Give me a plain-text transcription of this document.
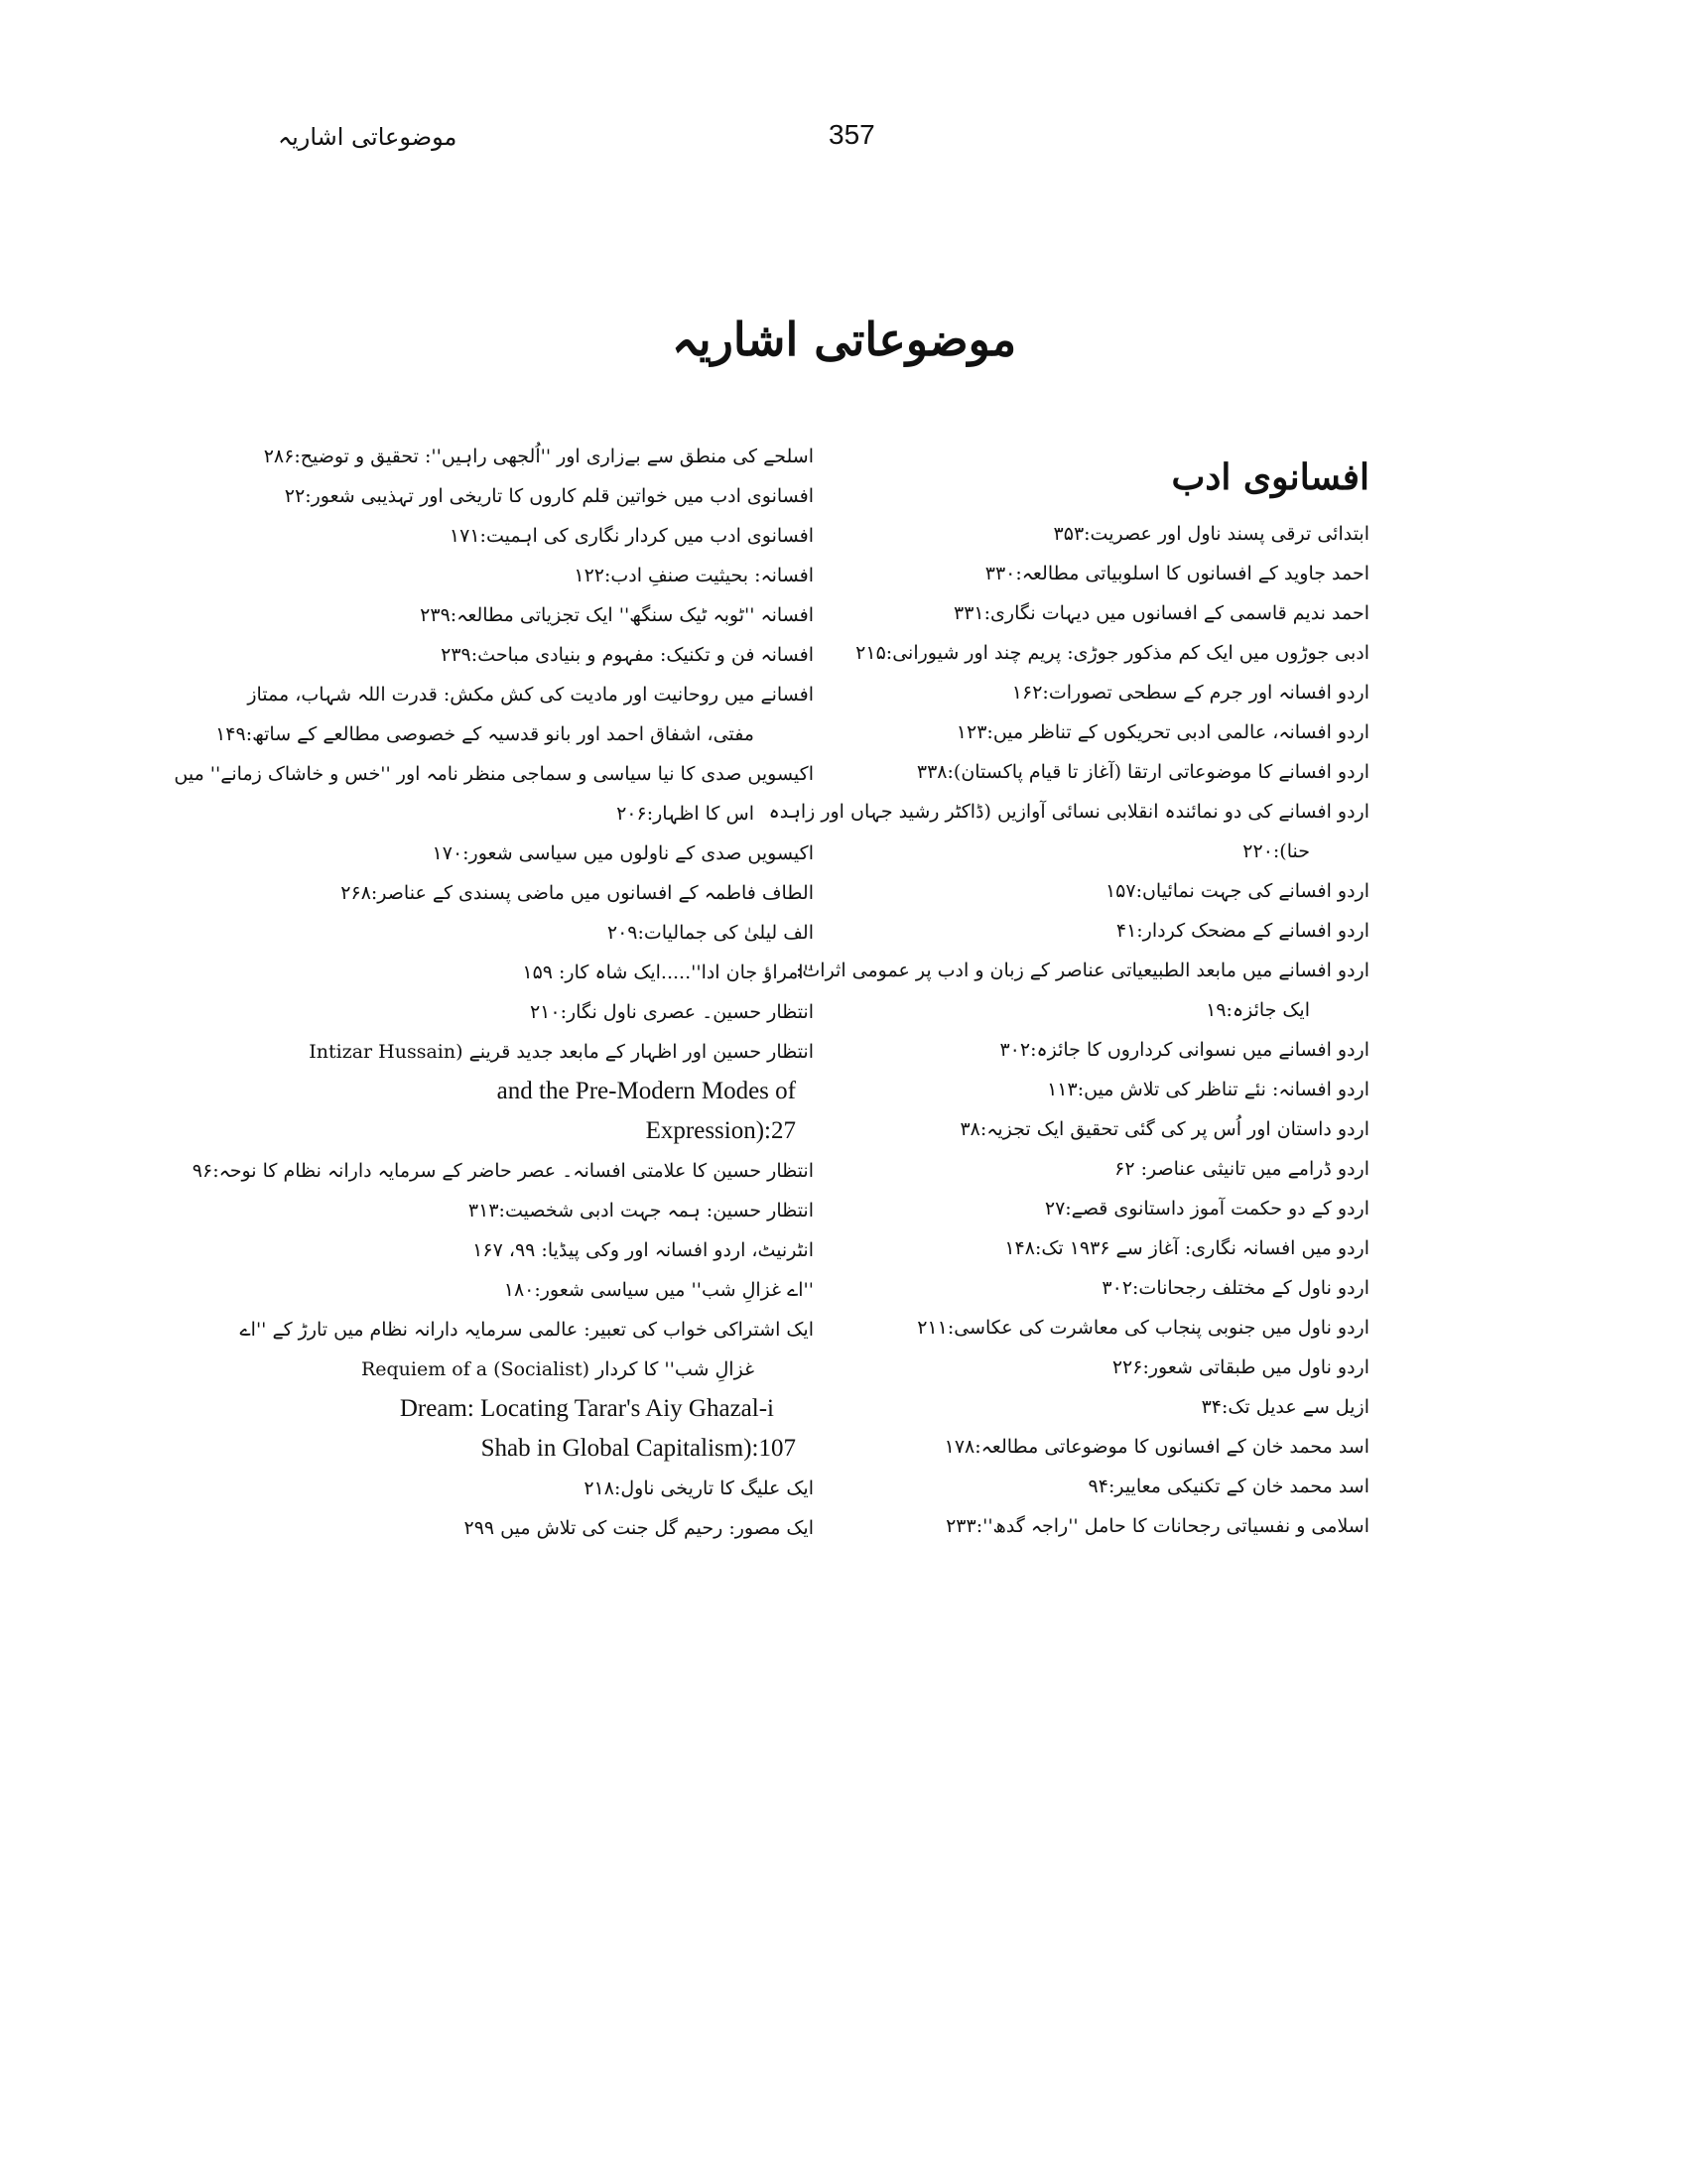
موضوعاتی اشاریہ	357
موضوعاتی اشاریہ
افسانوی ادب
ابتدائی ترقی پسند ناول اور عصریت:۳۵۳
احمد جاوید کے افسانوں کا اسلوبیاتی مطالعہ:۳۳۰
احمد ندیم قاسمی کے افسانوں میں دیہات نگاری:۳۳۱
ادبی جوڑوں میں ایک کم مذکور جوڑی: پریم چند اور شیورانی:۲۱۵
اردو افسانہ اور جرم کے سطحی تصورات:۱۶۲
اردو افسانہ، عالمی ادبی تحریکوں کے تناظر میں:۱۲۳
اردو افسانے کا موضوعاتی ارتقا (آغاز تا قیام پاکستان):۳۳۸
اردو افسانے کی دو نمائندہ انقلابی نسائی آوازیں (ڈاکٹر رشید جہاں اور زاہدہ
حنا):۲۲۰
اردو افسانے کی جہت نمائیاں:۱۵۷
اردو افسانے کے مضحک کردار:۴۱
اردو افسانے میں مابعد الطبیعیاتی عناصر کے زبان و ادب پر عمومی اثرات:
ایک جائزہ:۱۹
اردو افسانے میں نسوانی کرداروں کا جائزہ:۳۰۲
اردو افسانہ: نئے تناظر کی تلاش میں:۱۱۳
اردو داستان اور اُس پر کی گئی تحقیق ایک تجزیہ:۳۸
اردو ڈرامے میں تانیثی عناصر: ۶۲
اردو کے دو حکمت آموز داستانوی قصے:۲۷
اردو میں افسانہ نگاری: آغاز سے ۱۹۳۶ تک:۱۴۸
اردو ناول کے مختلف رجحانات:۳۰۲
اردو ناول میں جنوبی پنجاب کی معاشرت کی عکاسی:۲۱۱
اردو ناول میں طبقاتی شعور:۲۲۶
ازیل سے عدیل تک:۳۴
اسد محمد خان کے افسانوں کا موضوعاتی مطالعہ:۱۷۸
اسد محمد خان کے تکنیکی معاییر:۹۴
اسلامی و نفسیاتی رجحانات کا حامل ''راجہ گدھ'':۲۳۳
اسلحے کی منطق سے بےزاری اور ''اُلجھی راہیں'': تحقیق و توضیح:۲۸۶
افسانوی ادب میں خواتین قلم کاروں کا تاریخی اور تہذیبی شعور:۲۲
افسانوی ادب میں کردار نگاری کی اہمیت:۱۷۱
افسانہ: بحیثیت صنفِ ادب:۱۲۲
افسانہ ''ٹوبہ ٹیک سنگھ'' ایک تجزیاتی مطالعہ:۲۳۹
افسانہ فن و تکنیک: مفہوم و بنیادی مباحث:۲۳۹
افسانے میں روحانیت اور مادیت کی کش مکش: قدرت اللہ شہاب، ممتاز
مفتی، اشفاق احمد اور بانو قدسیہ کے خصوصی مطالعے کے ساتھ:۱۴۹
اکیسویں صدی کا نیا سیاسی و سماجی منظر نامہ اور ''خس و خاشاک زمانے'' میں
اس کا اظہار:۲۰۶
اکیسویں صدی کے ناولوں میں سیاسی شعور:۱۷۰
الطاف فاطمہ کے افسانوں میں ماضی پسندی کے عناصر:۲۶۸
الف لیلیٰ کی جمالیات:۲۰۹
''امراؤ جان ادا''.....ایک شاہ کار: ۱۵۹
انتظار حسین۔ عصری ناول نگار:۲۱۰
انتظار حسین اور اظہار کے مابعد جدید قرینے (Intizar Hussain
and the Pre-Modern Modes of
Expression):27
انتظار حسین کا علامتی افسانہ۔ عصر حاضر کے سرمایہ دارانہ نظام کا نوحہ:۹۶
انتظار حسین: ہمہ جہت ادبی شخصیت:۳۱۳
انٹرنیٹ، اردو افسانہ اور وکی پیڈیا: ۹۹، ۱۶۷
''اے غزالِ شب'' میں سیاسی شعور:۱۸۰
ایک اشتراکی خواب کی تعبیر: عالمی سرمایہ دارانہ نظام میں تارڑ کے ''اے
غزالِ شب'' کا کردار (Requiem of a (Socialist
Dream: Locating Tarar's Aiy Ghazal-i
Shab in Global Capitalism):107
ایک علیگ کا تاریخی ناول:۲۱۸
ایک مصور: رحیم گل جنت کی تلاش میں ۲۹۹
